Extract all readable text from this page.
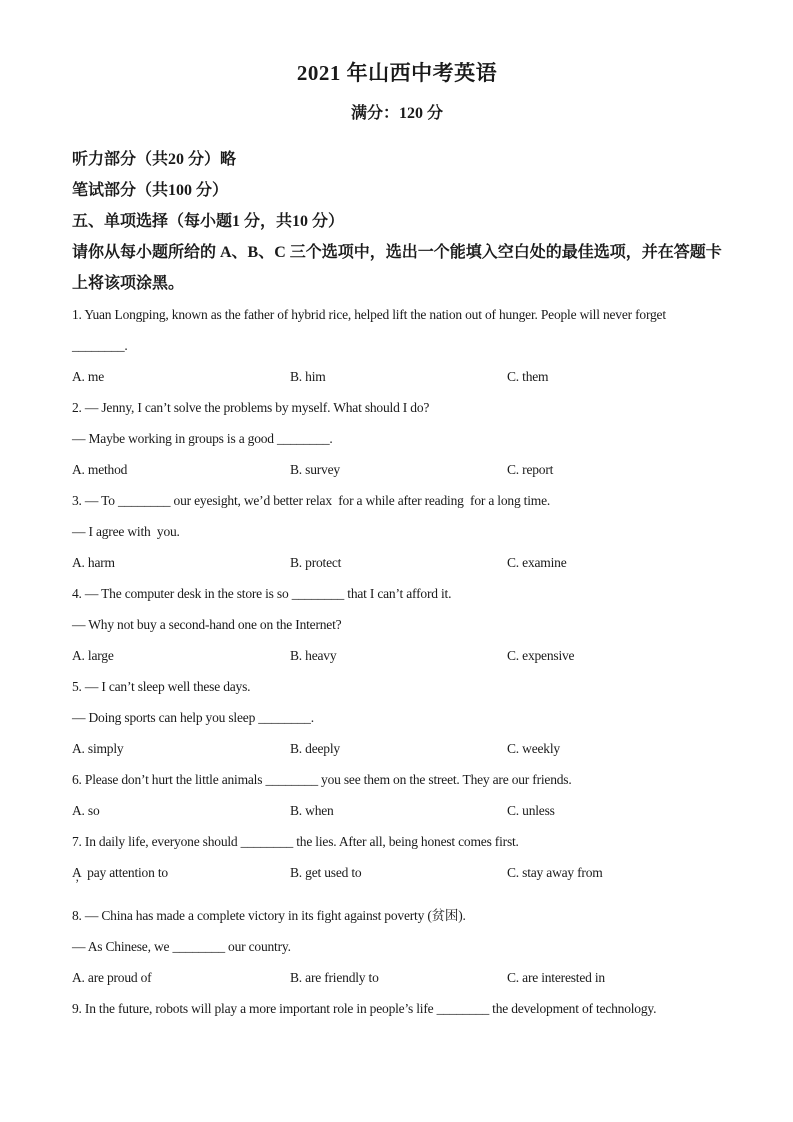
2021 年山西中考英语
满分：120 分
听力部分（共20 分）略
笔试部分（共100 分）
五、单项选择（每小题1 分，共10 分）
请你从每小题所给的 A、B、C 三个选项中，选出一个能填入空白处的最佳选项，并在答题卡
上将该项涂黑。
1. Yuan Longping, known as the father of hybrid rice, helped lift the nation out of hunger. People will never forget
________.
A. me	B. him	C. them
2. — Jenny, I can’t solve the problems by myself. What should I do?
— Maybe working in groups is a good ________.
A. method	B. survey	C. report
3. — To ________ our eyesight, we’d better relax  for a while after reading  for a long time.
— I agree with  you.
A. harm	B. protect	C. examine
4. — The computer desk in the store is so ________ that I can’t afford it.
— Why not buy a second-hand one on the Internet?
A. large	B. heavy	C. expensive
5. — I can’t sleep well these days.
— Doing sports can help you sleep ________.
A. simply	B. deeply	C. weekly
6. Please don’t hurt the little animals ________ you see them on the street. They are our friends.
A. so	B. when	C. unless
7. In daily life, everyone should ________ the lies. After all, being honest comes first.
A  pay attention to	B. get used to	C. stay away from
’
8. — China has made a complete victory in its fight against poverty (贫困).
— As Chinese, we ________ our country.
A. are proud of	B. are friendly to	C. are interested in
9. In the future, robots will play a more important role in people’s life ________ the development of technology.
